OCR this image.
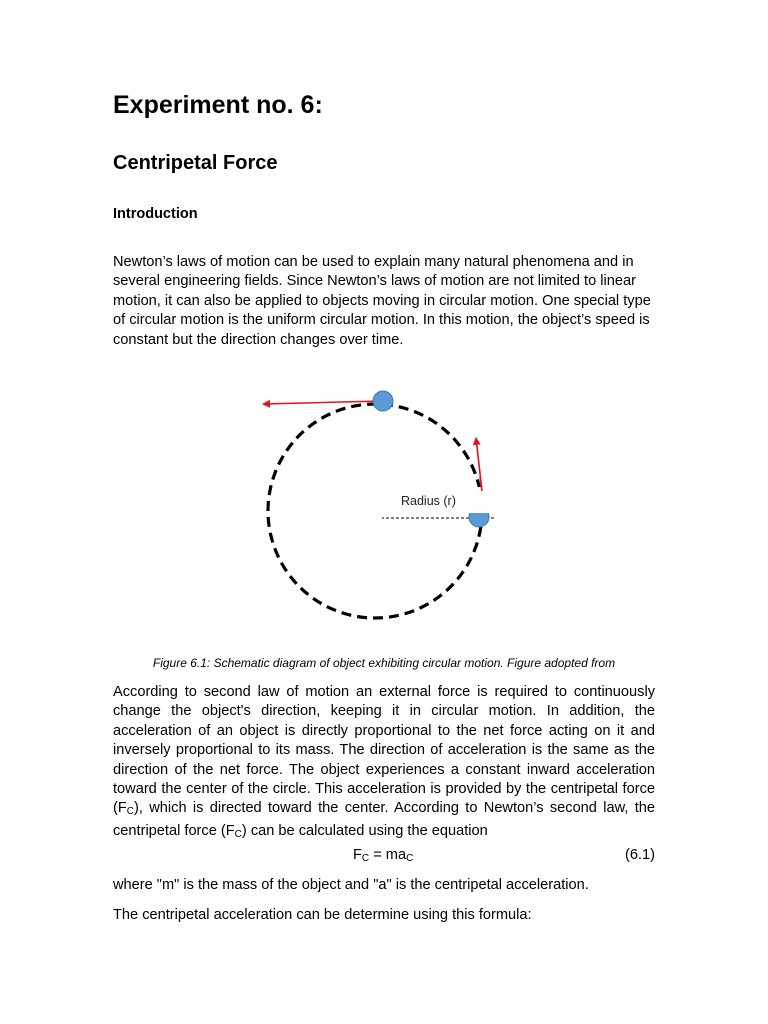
Experiment no. 6:
Centripetal Force
Introduction

Newton’s laws of motion can be used to explain many natural phenomena and in several engineering fields. Since Newton’s laws of motion are not limited to linear motion, it can also be applied to objects moving in circular motion. One special type of circular motion is the uniform circular motion. In this motion, the object’s speed is constant but the direction changes over time.

Radius (r)

Figure 6.1: Schematic diagram of object exhibiting circular motion. Figure adopted from

According to second law of motion an external force is required to continuously change the object's direction, keeping it in circular motion. In addition, the acceleration of an object is directly proportional to the net force acting on it and inversely proportional to its mass. The direction of acceleration is the same as the direction of the net force. The object experiences a constant inward acceleration toward the center of the circle. This acceleration is provided by the centripetal force $(F_C)$, which is directed toward the center. According to Newton’s second law, the centripetal force $(F_C)$ can be calculated using the equation

$F_C = ma_C$	(6.1)

where "m" is the mass of the object and "a" is the centripetal acceleration.

The centripetal acceleration can be determine using this formula:
